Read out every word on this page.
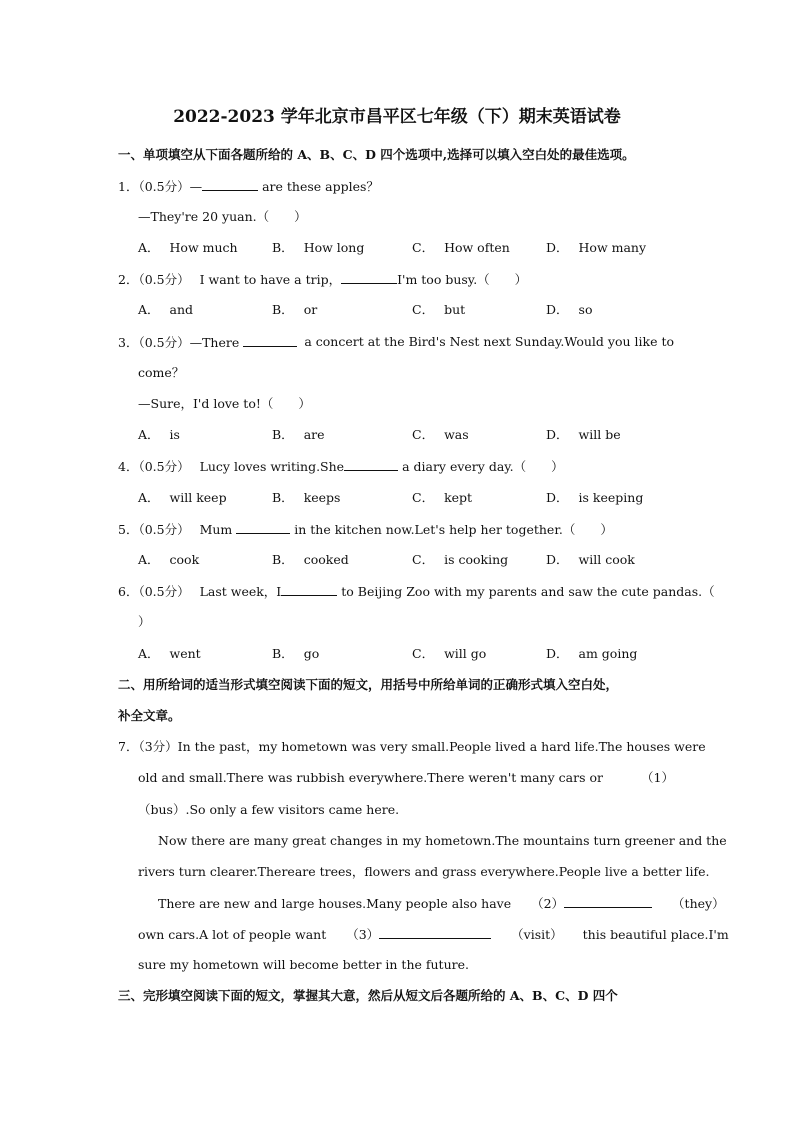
2022-2023 学年北京市昌平区七年级（下）期末英语试卷
一、单项填空从下面各题所给的 A、B、C、D 四个选项中,选择可以填入空白处的最佳选项。
1．（0.5分）—	are these apples？
—They're 20 yuan.（　　）
A． How much	B． How long	C． How often	D． How many
2．（0.5分） I want to have a trip，	I'm too busy.（　　）
A． and	B． or	C． but	D． so
3．（0.5分）—There	a concert at the Bird's Nest next Sunday.Would you like to
come？
—Sure，I'd love to!（　　）
A． is	B． are	C． was	D． will be
4．（0.5分） Lucy loves writing.She	a diary every day.（　　）
A． will keep	B． keeps	C． kept	D． is keeping
5．（0.5分） Mum	in the kitchen now.Let's help her together.（　　）
A． cook	B． cooked	C． is cooking	D． will cook
6．（0.5分） Last week，I	to Beijing Zoo with my parents and saw the cute pandas.（
）
A． went	B． go	C． will go	D． am going
二、用所给词的适当形式填空阅读下面的短文，用括号中所给单词的正确形式填入空白处，
补全文章。
7．（3分）In the past，my hometown was very small.People lived a hard life.The houses were
old and small.There was rubbish everywhere.There weren't many cars or	（1）
（bus）.So only a few visitors came here.
Now there are many great changes in my hometown.The mountains turn greener and the
rivers turn clearer.Thereare trees，flowers and grass everywhere.People live a better life.
There are new and large houses.Many people also have （2）	（they）
own cars.A lot of people want （3）	（visit） this beautiful place.I'm
sure my hometown will become better in the future.
三、完形填空阅读下面的短文，掌握其大意，然后从短文后各题所给的 A、B、C、D 四个
